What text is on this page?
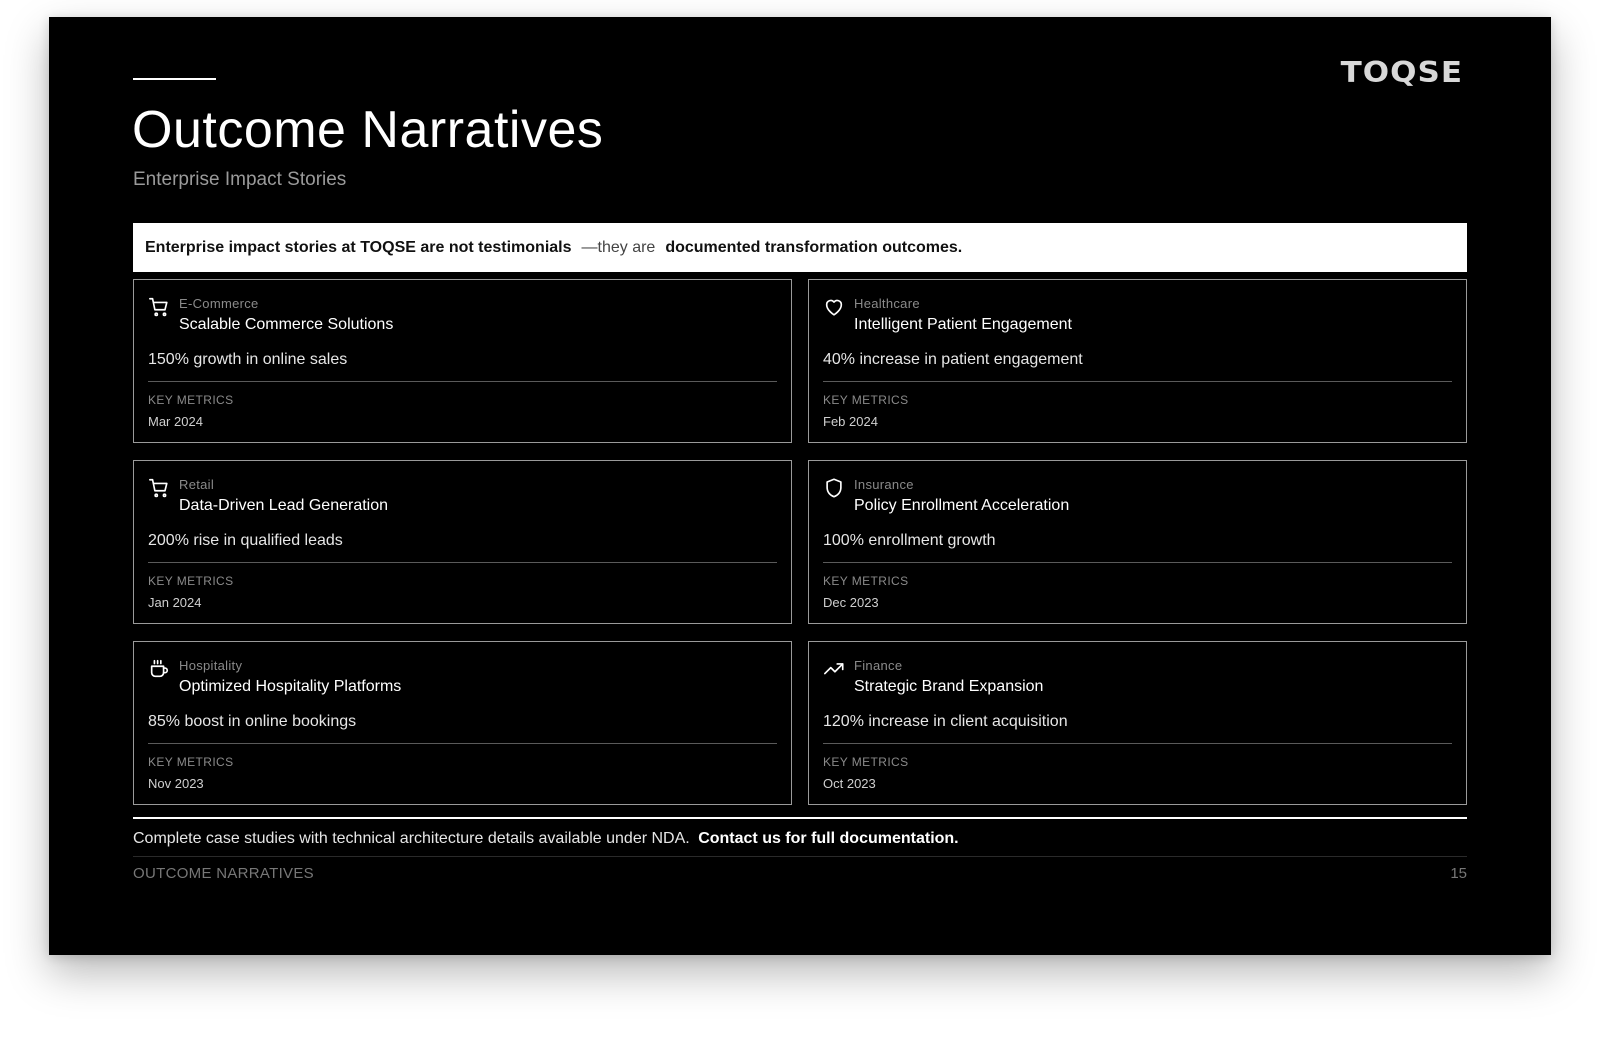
TOQSE
Outcome Narratives
Enterprise Impact Stories
Enterprise impact stories at TOQSE are not testimonials —they are documented transformation outcomes.
E-Commerce
Scalable Commerce Solutions
150% growth in online sales
KEY METRICS
Mar 2024
Healthcare
Intelligent Patient Engagement
40% increase in patient engagement
KEY METRICS
Feb 2024
Retail
Data-Driven Lead Generation
200% rise in qualified leads
KEY METRICS
Jan 2024
Insurance
Policy Enrollment Acceleration
100% enrollment growth
KEY METRICS
Dec 2023
Hospitality
Optimized Hospitality Platforms
85% boost in online bookings
KEY METRICS
Nov 2023
Finance
Strategic Brand Expansion
120% increase in client acquisition
KEY METRICS
Oct 2023
Complete case studies with technical architecture details available under NDA. Contact us for full documentation.
OUTCOME NARRATIVES	15
